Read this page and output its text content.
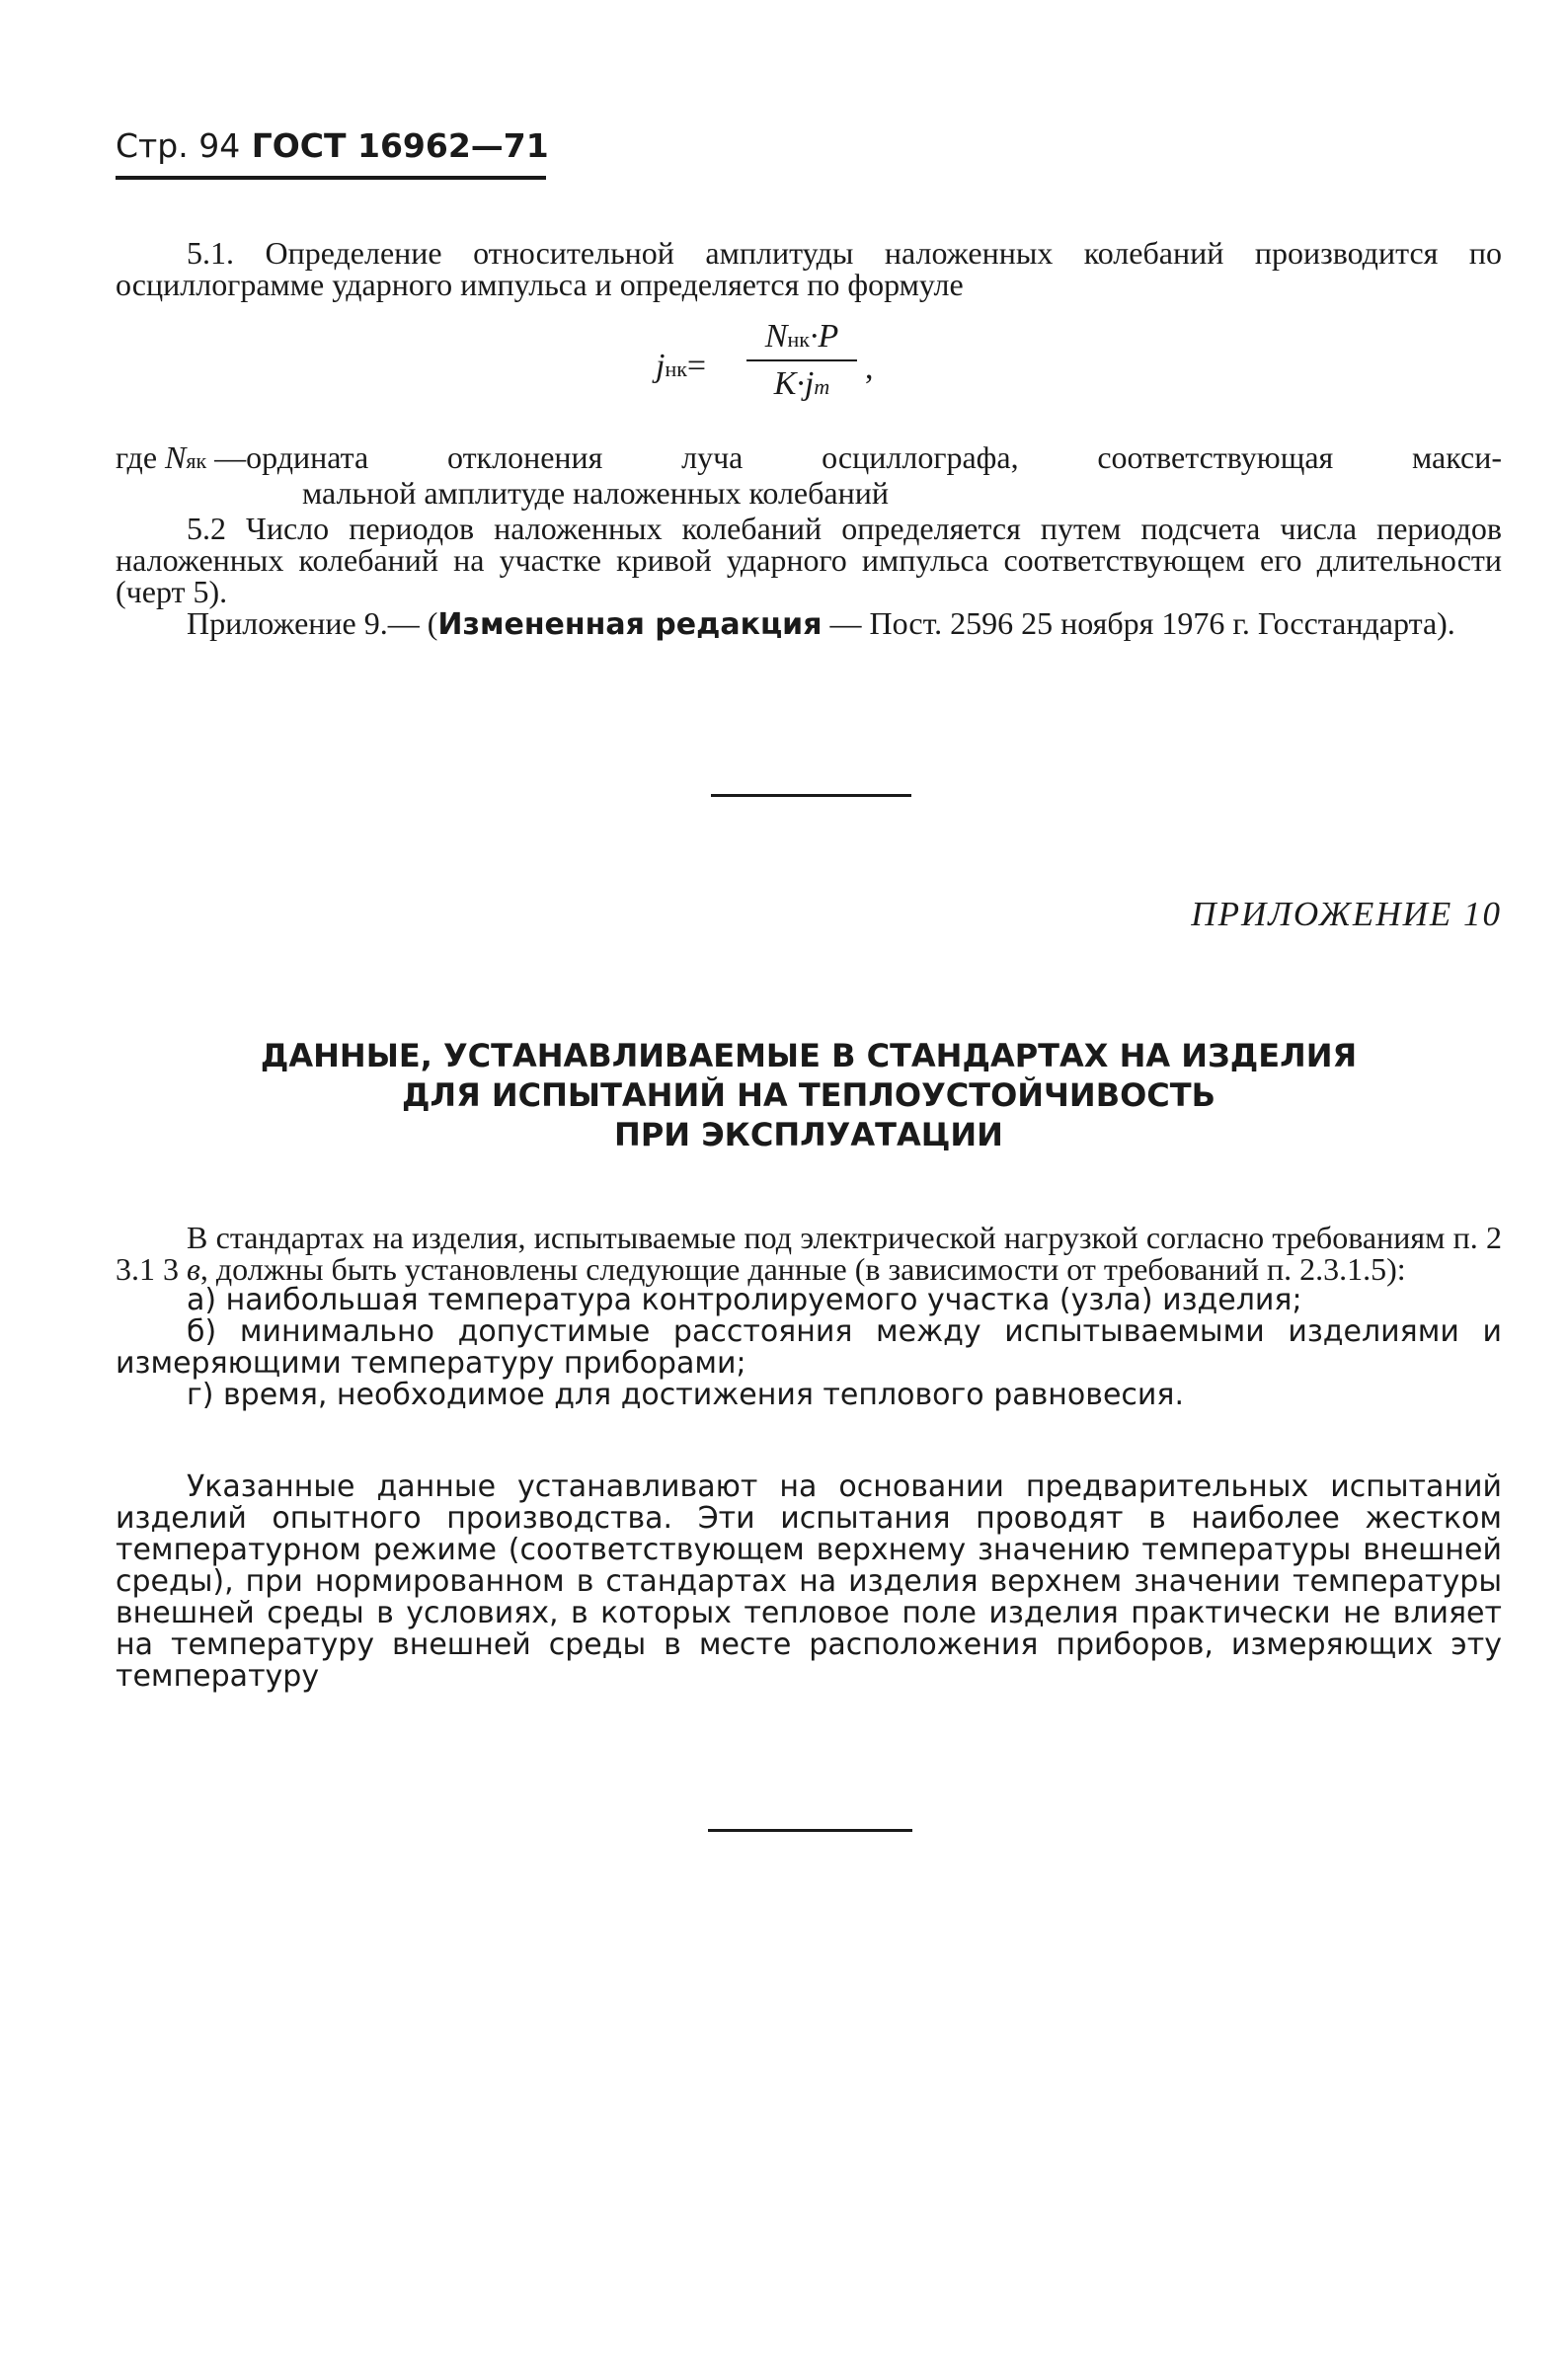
Стр. 94 ГОСТ 16962—71

5.1. Определение относительной амплитуды наложенных колебаний производится по осциллограмме ударного импульса и определяется по формуле

jнк=
Nнк·P
K·jm
,
где Nяк —ордината отклонения луча осциллографа, соответствующая макси-
мальной амплитуде наложенных колебаний

5.2 Число периодов наложенных колебаний определяется путем подсчета числа периодов наложенных колебаний на участке кривой ударного импульса соответствующем его длительности (черт 5).

Приложение 9.— (Измененная редакция — Пост. 2596 25 ноября 1976 г. Госстандарта).

ПРИЛОЖЕНИЕ 10
ДАННЫЕ, УСТАНАВЛИВАЕМЫЕ В СТАНДАРТАХ НА ИЗДЕЛИЯ
ДЛЯ ИСПЫТАНИЙ НА ТЕПЛОУСТОЙЧИВОСТЬ
ПРИ ЭКСПЛУАТАЦИИ

В стандартах на изделия, испытываемые под электрической нагрузкой согласно требованиям п. 2 3.1 3 в, должны быть установлены следующие данные (в зависимости от требований п. 2.3.1.5):

а) наибольшая температура контролируемого участка (узла) изделия;

б) минимально допустимые расстояния между испытываемыми изделиями и измеряющими температуру приборами;

г) время, необходимое для достижения теплового равновесия.

Указанные данные устанавливают на основании предварительных испытаний изделий опытного производства. Эти испытания проводят в наиболее жестком температурном режиме (соответствующем верхнему значению температуры внешней среды), при нормированном в стандартах на изделия верхнем значении температуры внешней среды в условиях, в которых тепловое поле изделия практически не влияет на температуру внешней среды в месте расположения приборов, измеряющих эту температуру
